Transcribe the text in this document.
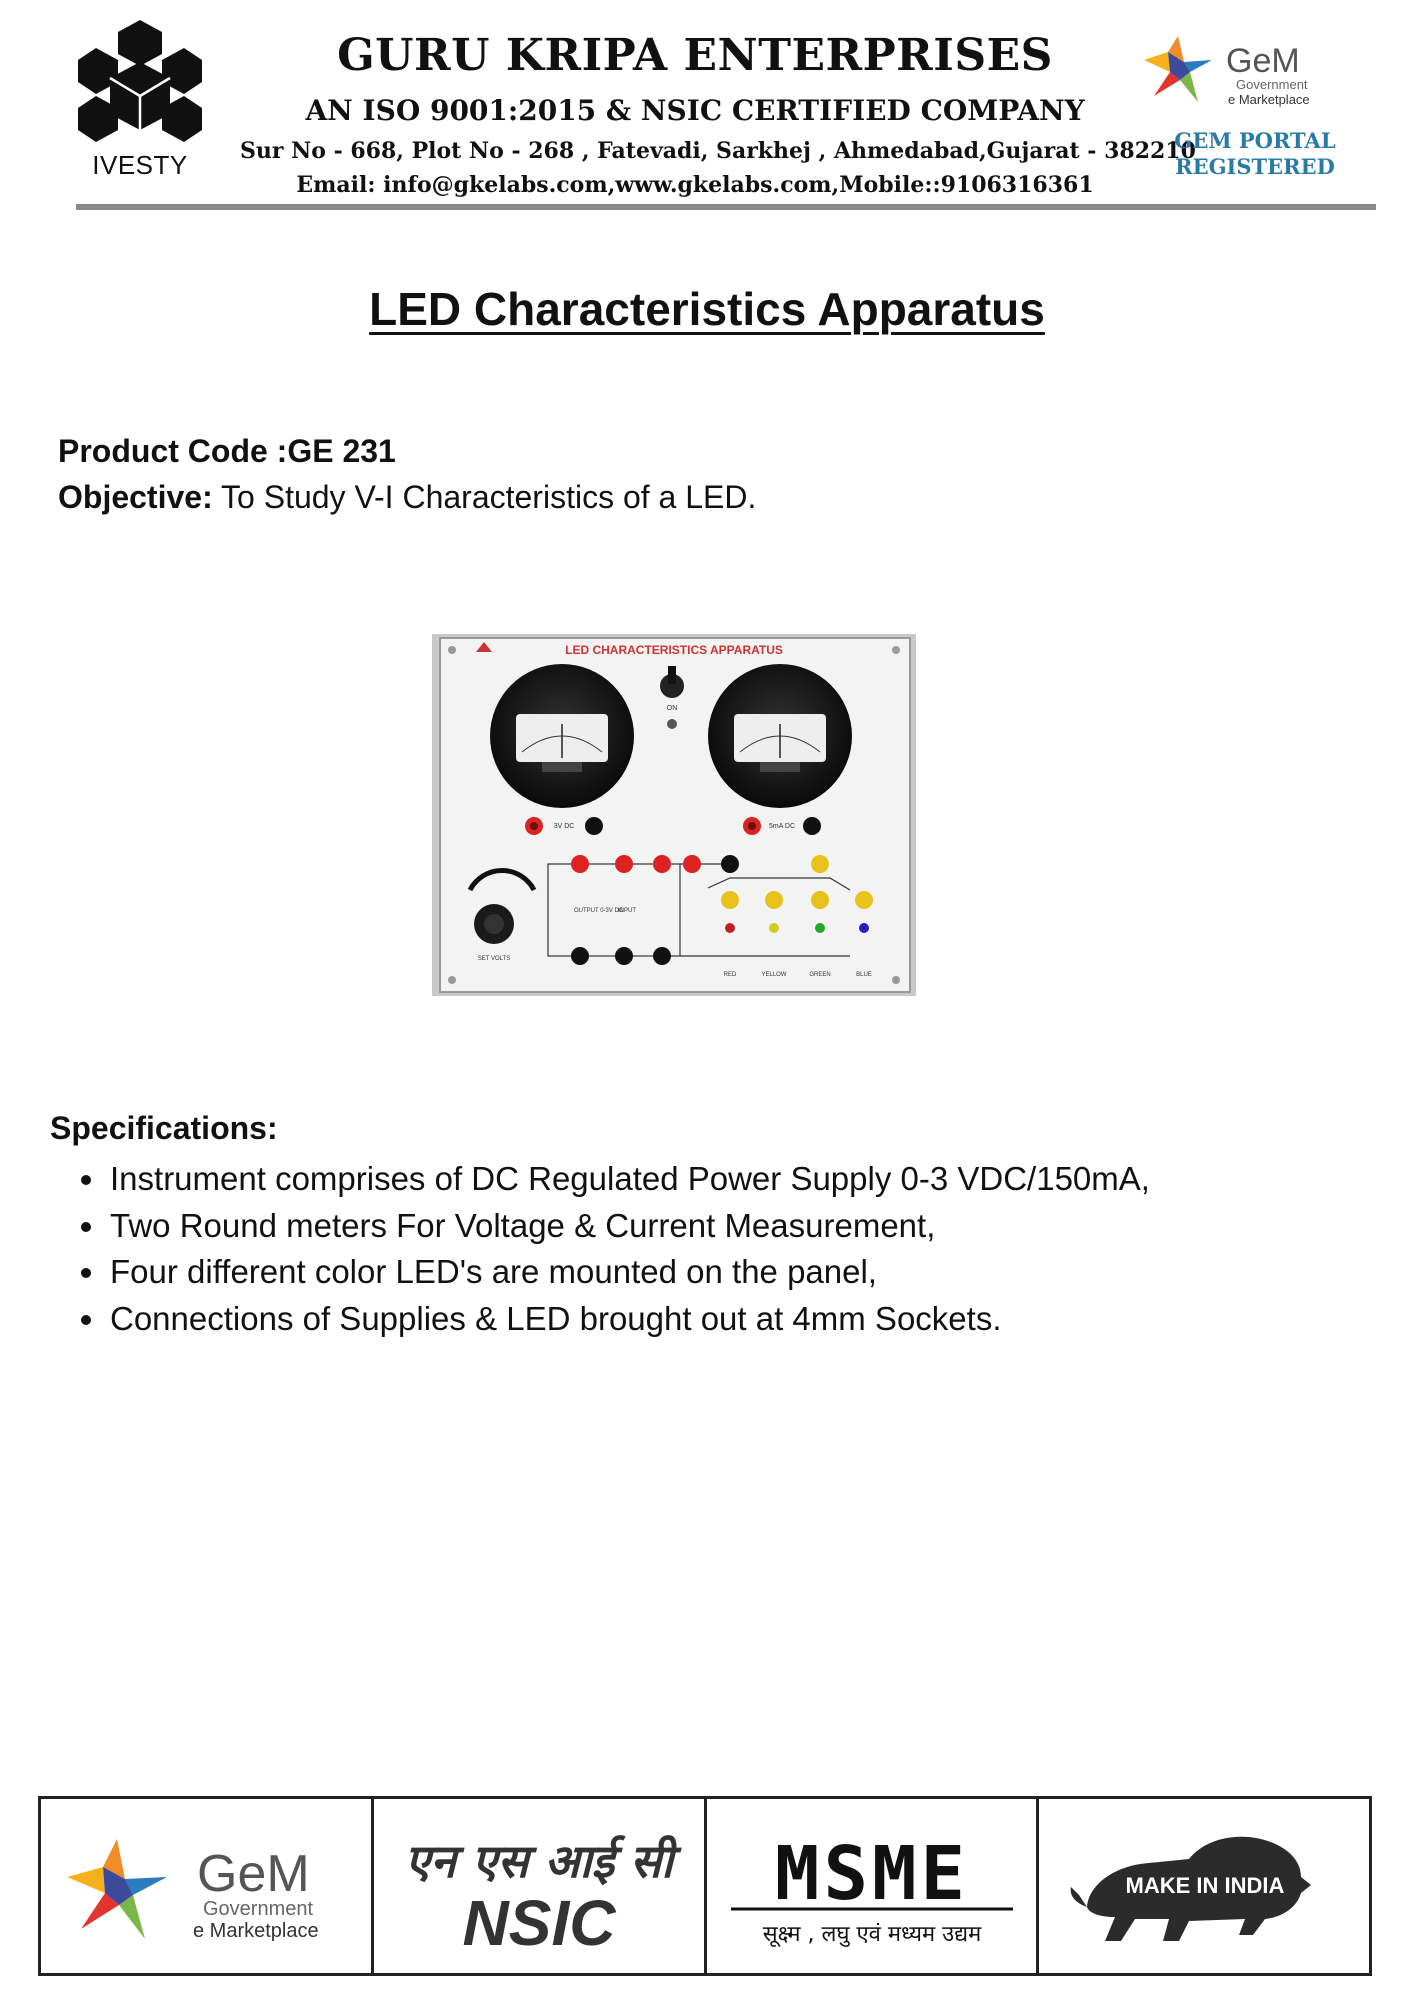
IVESTY
GURU KRIPA ENTERPRISES
AN ISO 9001:2015 & NSIC CERTIFIED COMPANY
Sur No - 668, Plot No - 268 , Fatevadi, Sarkhej , Ahmedabad,Gujarat - 382210
Email: info@gkelabs.com,www.gkelabs.com,Mobile::9106316361
GeM
Government
e Marketplace
GEM PORTAL
REGISTERED
LED Characteristics Apparatus
Product Code :GE 231
Objective: To Study V-I Characteristics of a LED.
LED CHARACTERISTICS APPARATUS
ON
3V DC	5mA DC
OUTPUT 0-3V DC
INPUT
SET VOLTS
RED	YELLOW	GREEN	BLUE
Specifications:
• Instrument comprises of DC Regulated Power Supply 0-3 VDC/150mA,
• Two Round meters For Voltage & Current Measurement,
• Four different color LED's are mounted on the panel,
• Connections of Supplies & LED brought out at 4mm Sockets.
GeM
Government
e Marketplace
एन एस आई सी
NSIC
MSME
सूक्ष्म , लघु एवं मध्यम उद्यम
MAKE IN INDIA
